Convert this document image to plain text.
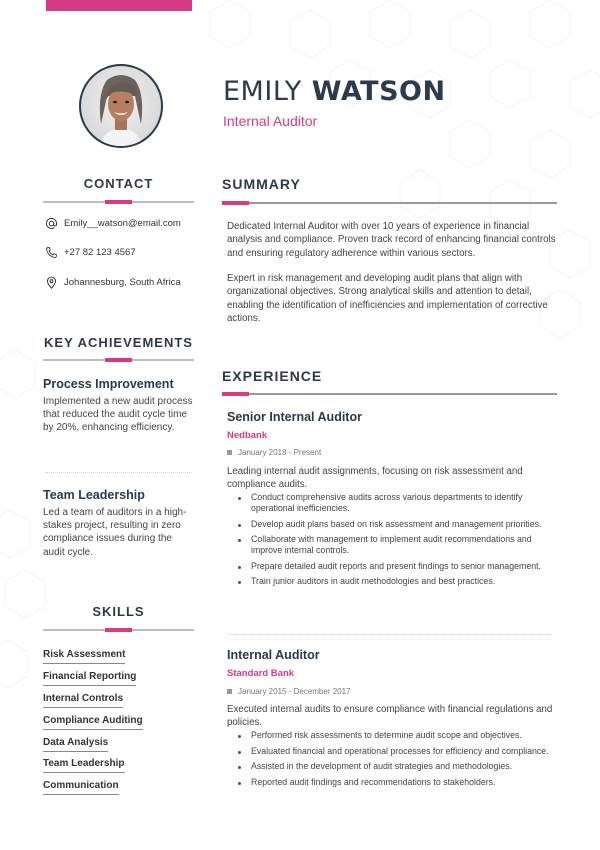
EMILY WATSON
Internal Auditor
CONTACT
Emily__watson@email.com
+27 82 123 4567
Johannesburg, South Africa
KEY ACHIEVEMENTS
Process Improvement
Implemented a new audit process that reduced the audit cycle time by 20%, enhancing efficiency.
Team Leadership
Led a team of auditors in a high-stakes project, resulting in zero compliance issues during the audit cycle.
SKILLS
Risk Assessment
Financial Reporting
Internal Controls
Compliance Auditing
Data Analysis
Team Leadership
Communication
SUMMARY
Dedicated Internal Auditor with over 10 years of experience in financial analysis and compliance. Proven track record of enhancing financial controls and ensuring regulatory adherence within various sectors.
Expert in risk management and developing audit plans that align with organizational objectives. Strong analytical skills and attention to detail, enabling the identification of inefficiencies and implementation of corrective actions.
EXPERIENCE
Senior Internal Auditor
Nedbank
January 2018 - Present
Leading internal audit assignments, focusing on risk assessment and compliance audits.
Conduct comprehensive audits across various departments to identify operational inefficiencies.
Develop audit plans based on risk assessment and management priorities.
Collaborate with management to implement audit recommendations and improve internal controls.
Prepare detailed audit reports and present findings to senior management.
Train junior auditors in audit methodologies and best practices.
Internal Auditor
Standard Bank
January 2015 - December 2017
Executed internal audits to ensure compliance with financial regulations and policies.
Performed risk assessments to determine audit scope and objectives.
Evaluated financial and operational processes for efficiency and compliance.
Assisted in the development of audit strategies and methodologies.
Reported audit findings and recommendations to stakeholders.
